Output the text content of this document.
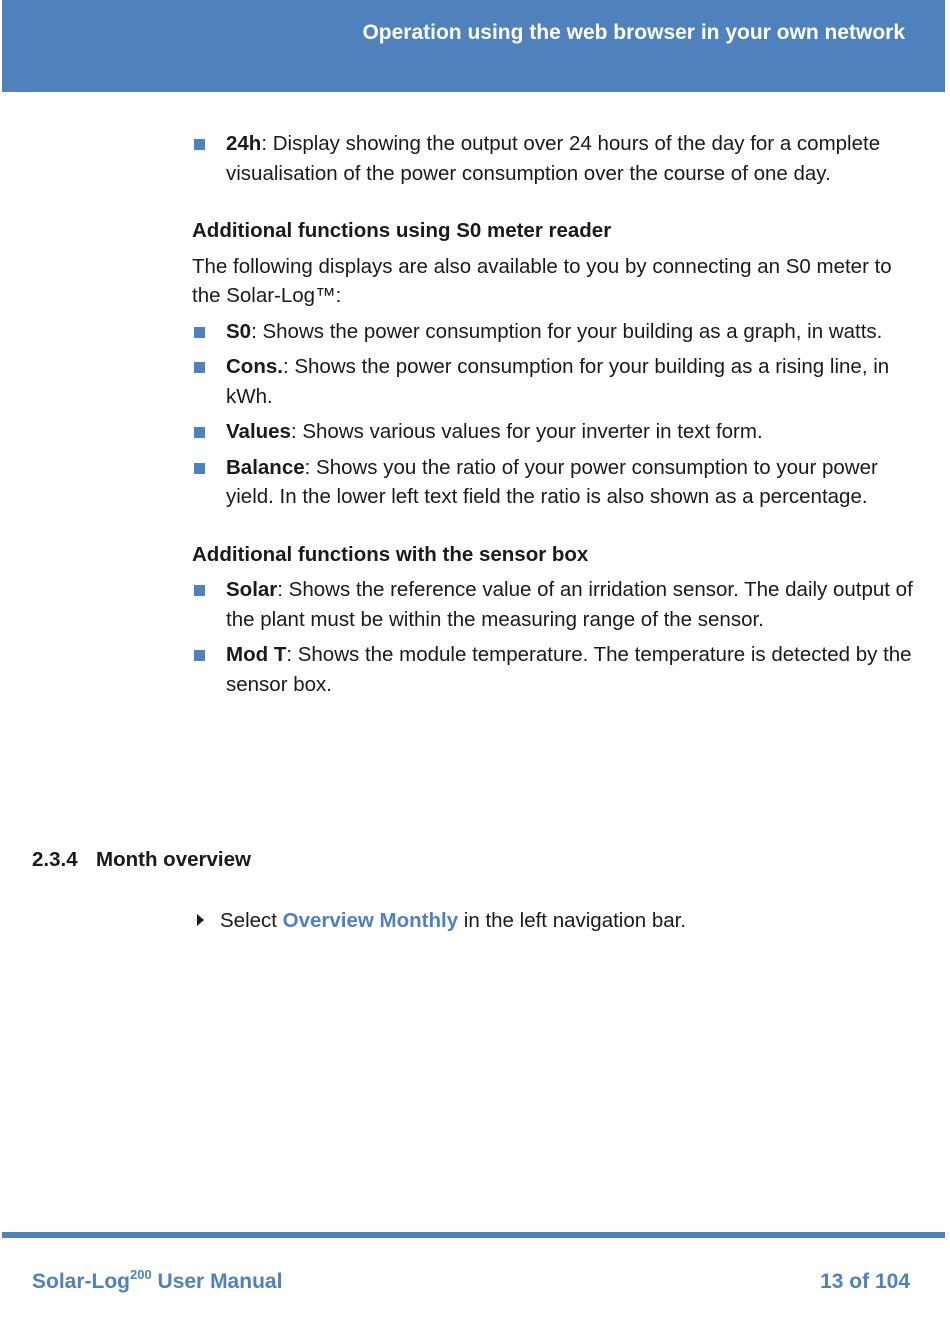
Operation using the web browser in your own network
24h: Display showing the output over 24 hours of the day for a complete visualisation of the power consumption over the course of one day.
Additional functions using S0 meter reader
The following displays are also available to you by connecting an S0 meter to the Solar-Log™:
S0: Shows the power consumption for your building as a graph, in watts.
Cons.: Shows the power consumption for your building as a rising line, in kWh.
Values: Shows various values for your inverter in text form.
Balance: Shows you the ratio of your power consumption to your power yield. In the lower left text field the ratio is also shown as a percentage.
Additional functions with the sensor box
Solar: Shows the reference value of an irridation sensor. The daily output of the plant must be within the measuring range of the sensor.
Mod T: Shows the module temperature. The temperature is detected by the sensor box.
2.3.4 Month overview
Select Overview Monthly in the left navigation bar.
Solar-Log$^{200}$ User Manual	13 of 104
